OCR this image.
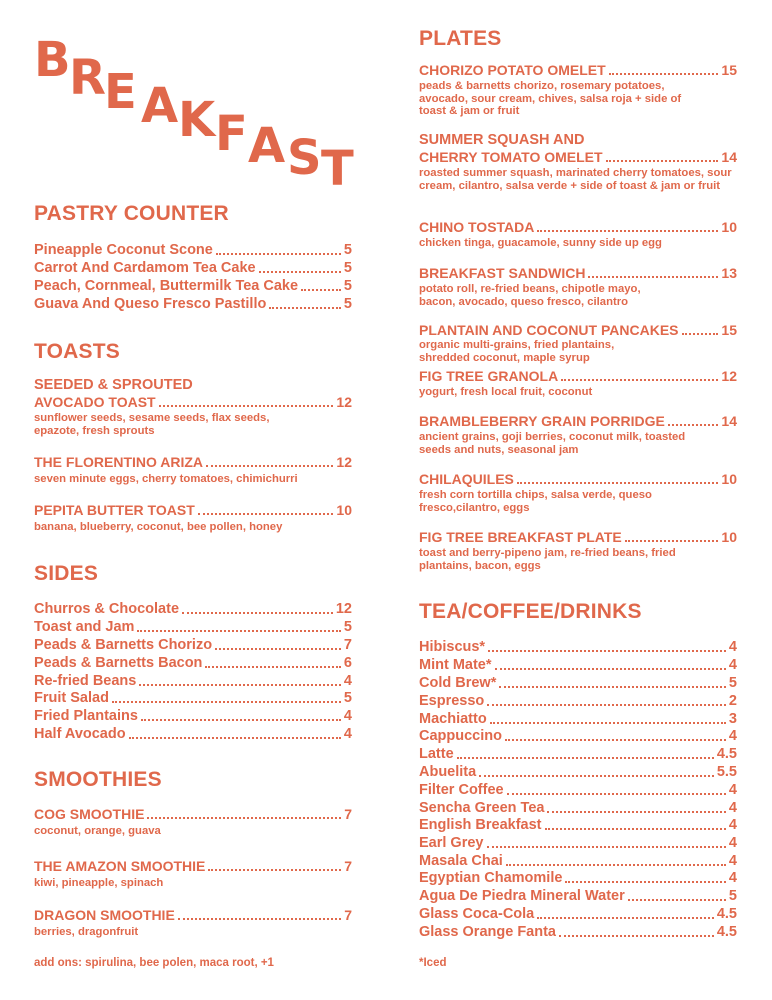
B
R
E A K F A S T
PASTRY COUNTER
Pineapple Coconut Scone	5
Carrot And Cardamom Tea Cake	5
Peach, Cornmeal, Buttermilk Tea Cake	5
Guava And Queso Fresco Pastillo	5
TOASTS
SEEDED & SPROUTED
AVOCADO TOAST	12
sunflower seeds, sesame seeds, flax seeds, epazote, fresh sprouts
THE FLORENTINO ARIZA	12
seven minute eggs, cherry tomatoes, chimichurri
PEPITA BUTTER TOAST	10
banana, blueberry, coconut, bee pollen, honey
SIDES
Churros & Chocolate	12
Toast and Jam	5
Peads & Barnetts Chorizo	7
Peads & Barnetts Bacon	6
Re-fried Beans	4
Fruit Salad	5
Fried Plantains	4
Half Avocado	4
SMOOTHIES
COG SMOOTHIE	7
coconut, orange, guava
THE AMAZON SMOOTHIE	7
kiwi, pineapple, spinach
DRAGON SMOOTHIE	7
berries, dragonfruit
add ons: spirulina, bee polen, maca root, +1
PLATES
CHORIZO POTATO OMELET	15
peads & barnetts chorizo, rosemary potatoes, avocado, sour cream, chives, salsa roja + side of toast & jam or fruit
SUMMER SQUASH AND
CHERRY TOMATO OMELET	14
roasted summer squash, marinated cherry tomatoes, sour cream, cilantro, salsa verde + side of toast & jam or fruit
CHINO TOSTADA	10
chicken tinga, guacamole, sunny side up egg
BREAKFAST SANDWICH	13
potato roll, re-fried beans, chipotle mayo, bacon, avocado, queso fresco, cilantro
PLANTAIN AND COCONUT PANCAKES	15
organic multi-grains, fried plantains, shredded coconut, maple syrup
FIG TREE GRANOLA	12
yogurt, fresh local fruit, coconut
BRAMBLEBERRY GRAIN PORRIDGE	14
ancient grains, goji berries, coconut milk, toasted seeds and nuts, seasonal jam
CHILAQUILES	10
fresh corn tortilla chips, salsa verde, queso fresco,cilantro, eggs
FIG TREE BREAKFAST PLATE	10
toast and berry-pipeno jam, re-fried beans, fried plantains, bacon, eggs
TEA/COFFEE/DRINKS
Hibiscus*	4
Mint Mate*	4
Cold Brew*	5
Espresso	2
Machiatto	3
Cappuccino	4
Latte	4.5
Abuelita	5.5
Filter Coffee	4
Sencha Green Tea	4
English Breakfast	4
Earl Grey	4
Masala Chai	4
Egyptian Chamomile	4
Agua De Piedra Mineral Water	5
Glass Coca-Cola	4.5
Glass Orange Fanta	4.5
*Iced
